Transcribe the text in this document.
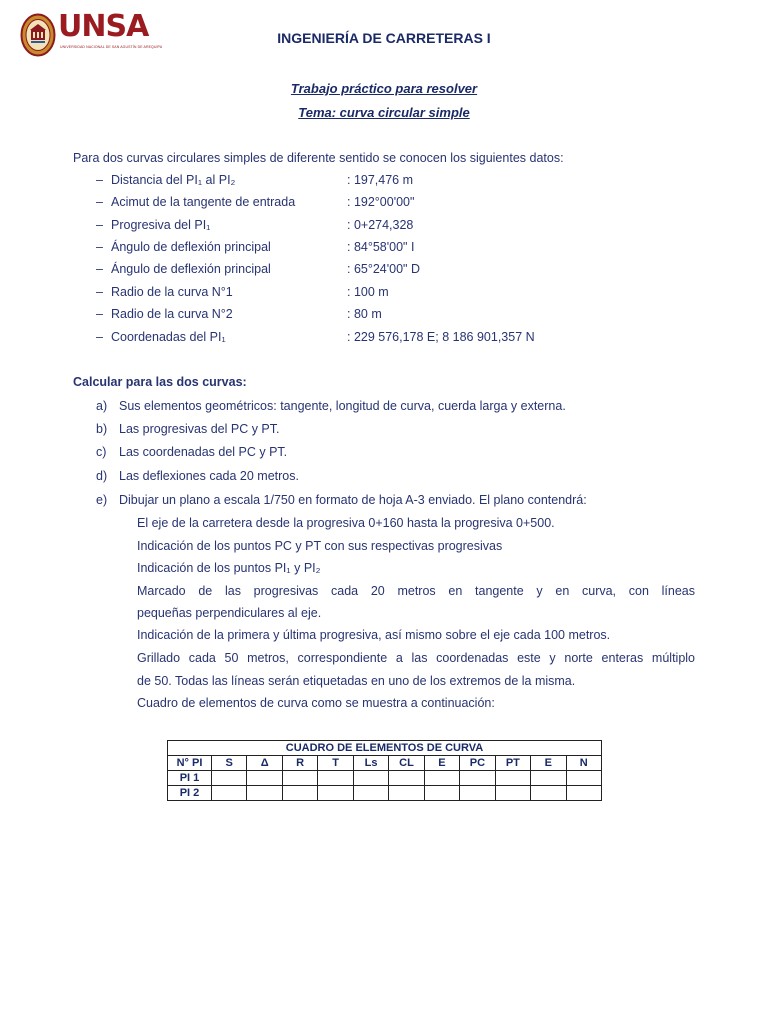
UNSA
UNIVERSIDAD NACIONAL DE SAN AGUSTÍN DE AREQUIPA
INGENIERÍA DE CARRETERAS I
Trabajo práctico para resolver
Tema: curva circular simple
Para dos curvas circulares simples de diferente sentido se conocen los siguientes datos:
– Distancia del PI₁ al PI₂	: 197,476 m
– Acimut de la tangente de entrada	: 192°00'00"
– Progresiva del PI₁	: 0+274,328
– Ángulo de deflexión principal	: 84°58'00" I
– Ángulo de deflexión principal	: 65°24'00" D
– Radio de la curva N°1	: 100 m
– Radio de la curva N°2	: 80 m
– Coordenadas del PI₁	: 229 576,178 E; 8 186 901,357 N
Calcular para las dos curvas:
a) Sus elementos geométricos: tangente, longitud de curva, cuerda larga y externa.
b) Las progresivas del PC y PT.
c) Las coordenadas del PC y PT.
d) Las deflexiones cada 20 metros.
e) Dibujar un plano a escala 1/750 en formato de hoja A-3 enviado. El plano contendrá:
El eje de la carretera desde la progresiva 0+160 hasta la progresiva 0+500.
Indicación de los puntos PC y PT con sus respectivas progresivas
Indicación de los puntos PI₁ y PI₂
Marcado de las progresivas cada 20 metros en tangente y en curva, con líneas
pequeñas perpendiculares al eje.
Indicación de la primera y última progresiva, así mismo sobre el eje cada 100 metros.
Grillado cada 50 metros, correspondiente a las coordenadas este y norte enteras múltiplo
de 50. Todas las líneas serán etiquetadas en uno de los extremos de la misma.
Cuadro de elementos de curva como se muestra a continuación:
CUADRO DE ELEMENTOS DE CURVA											
N° PI	S	Δ	R	T	Ls	CL	E	PC	PT	E	N
PI 1											
PI 2											
